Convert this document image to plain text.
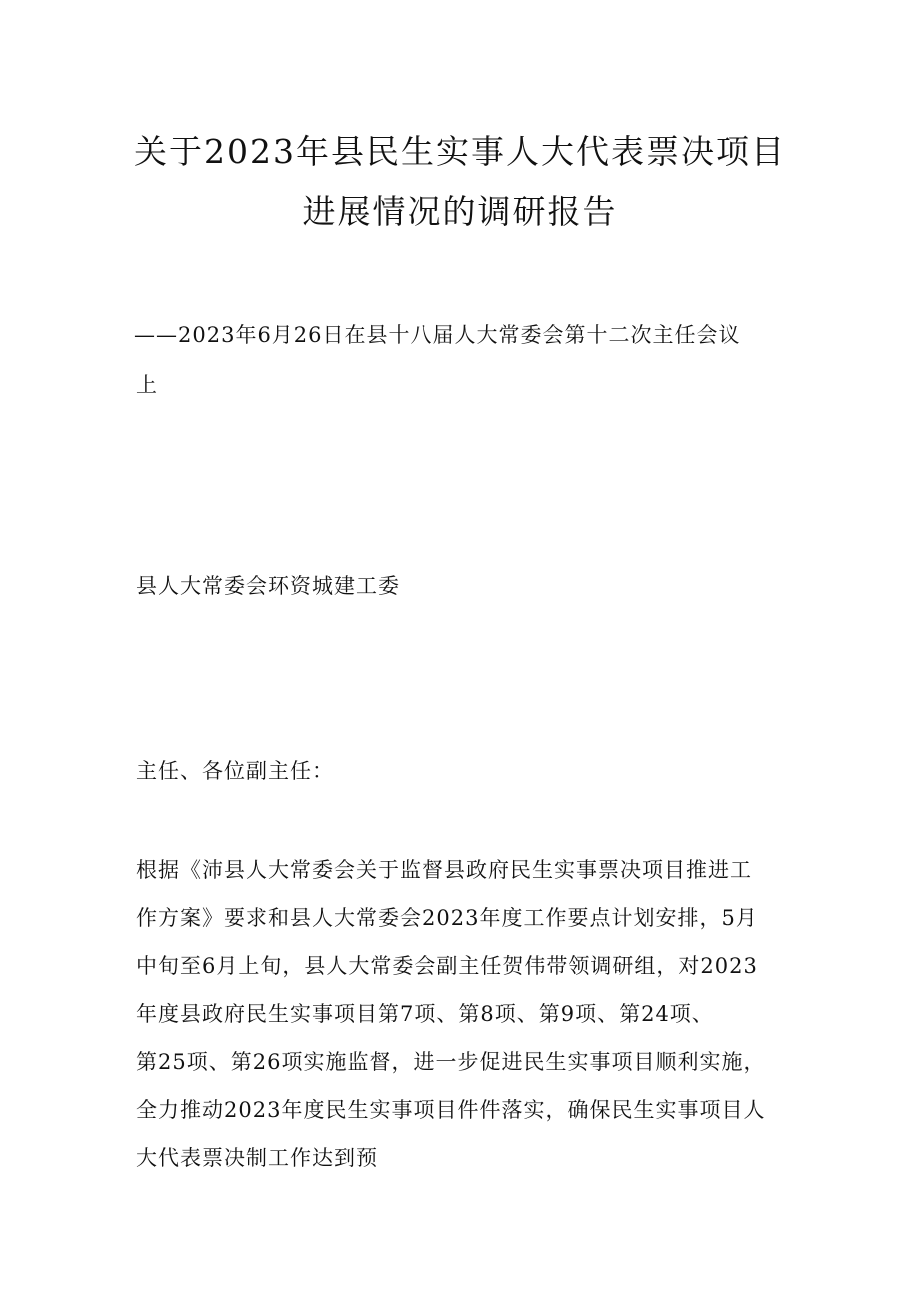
关于2023年县民生实事人大代表票决项目
进展情况的调研报告
——2023年6月26日在县十八届人大常委会第十二次主任会议
上
县人大常委会环资城建工委
主任、各位副主任：
根据《沛县人大常委会关于监督县政府民生实事票决项目推进工
作方案》要求和县人大常委会2023年度工作要点计划安排，5月
中旬至6月上旬，县人大常委会副主任贺伟带领调研组，对2023
年度县政府民生实事项目第7项、第8项、第9项、第24项、
第25项、第26项实施监督，进一步促进民生实事项目顺利实施，
全力推动2023年度民生实事项目件件落实，确保民生实事项目人
大代表票决制工作达到预
